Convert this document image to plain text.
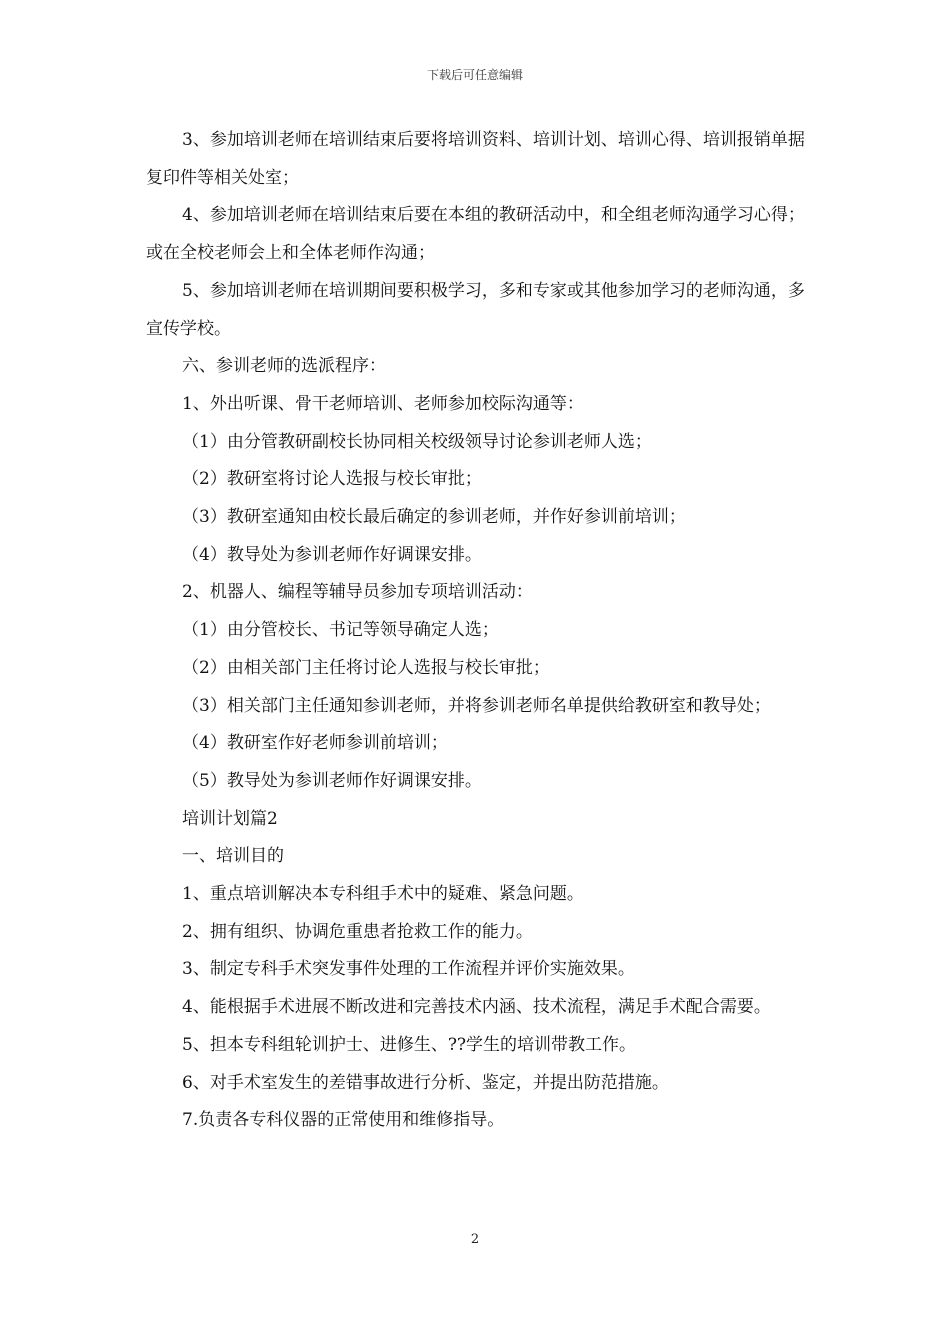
下载后可任意编辑

3、参加培训老师在培训结束后要将培训资料、培训计划、培训心得、培训报销单据复印件等相关处室；

4、参加培训老师在培训结束后要在本组的教研活动中，和全组老师沟通学习心得；或在全校老师会上和全体老师作沟通；

5、参加培训老师在培训期间要积极学习，多和专家或其他参加学习的老师沟通，多宣传学校。

六、参训老师的选派程序：

1、外出听课、骨干老师培训、老师参加校际沟通等：

（1）由分管教研副校长协同相关校级领导讨论参训老师人选；

（2）教研室将讨论人选报与校长审批；

（3）教研室通知由校长最后确定的参训老师，并作好参训前培训；

（4）教导处为参训老师作好调课安排。

2、机器人、编程等辅导员参加专项培训活动：

（1）由分管校长、书记等领导确定人选；

（2）由相关部门主任将讨论人选报与校长审批；

（3）相关部门主任通知参训老师，并将参训老师名单提供给教研室和教导处；

（4）教研室作好老师参训前培训；

（5）教导处为参训老师作好调课安排。

培训计划篇2

一、培训目的

1、重点培训解决本专科组手术中的疑难、紧急问题。

2、拥有组织、协调危重患者抢救工作的能力。

3、制定专科手术突发事件处理的工作流程并评价实施效果。

4、能根据手术进展不断改进和完善技术内涵、技术流程，满足手术配合需要。

5、担本专科组轮训护士、进修生、??学生的培训带教工作。

6、对手术室发生的差错事故进行分析、鉴定，并提出防范措施。

7.负责各专科仪器的正常使用和维修指导。

2
